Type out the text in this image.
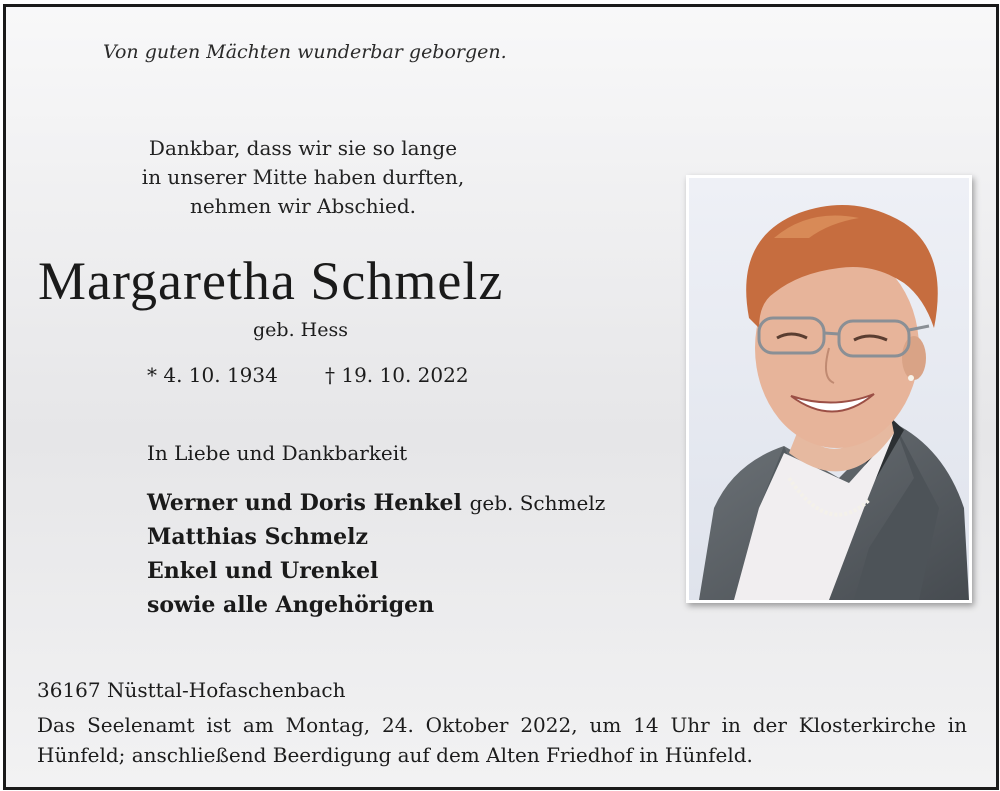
Von guten Mächten wunderbar geborgen.
Dankbar, dass wir sie so lange
in unserer Mitte haben durften,
nehmen wir Abschied.
Margaretha Schmelz
geb. Hess
* 4. 10. 1934 † 19. 10. 2022
In Liebe und Dankbarkeit
Werner und Doris Henkel geb. Schmelz
Matthias Schmelz
Enkel und Urenkel
sowie alle Angehörigen
36167 Nüsttal-Hofaschenbach
Das Seelenamt ist am Montag, 24. Oktober 2022, um 14 Uhr in der Klosterkirche in Hünfeld; anschließend Beerdigung auf dem Alten Friedhof in Hünfeld.
